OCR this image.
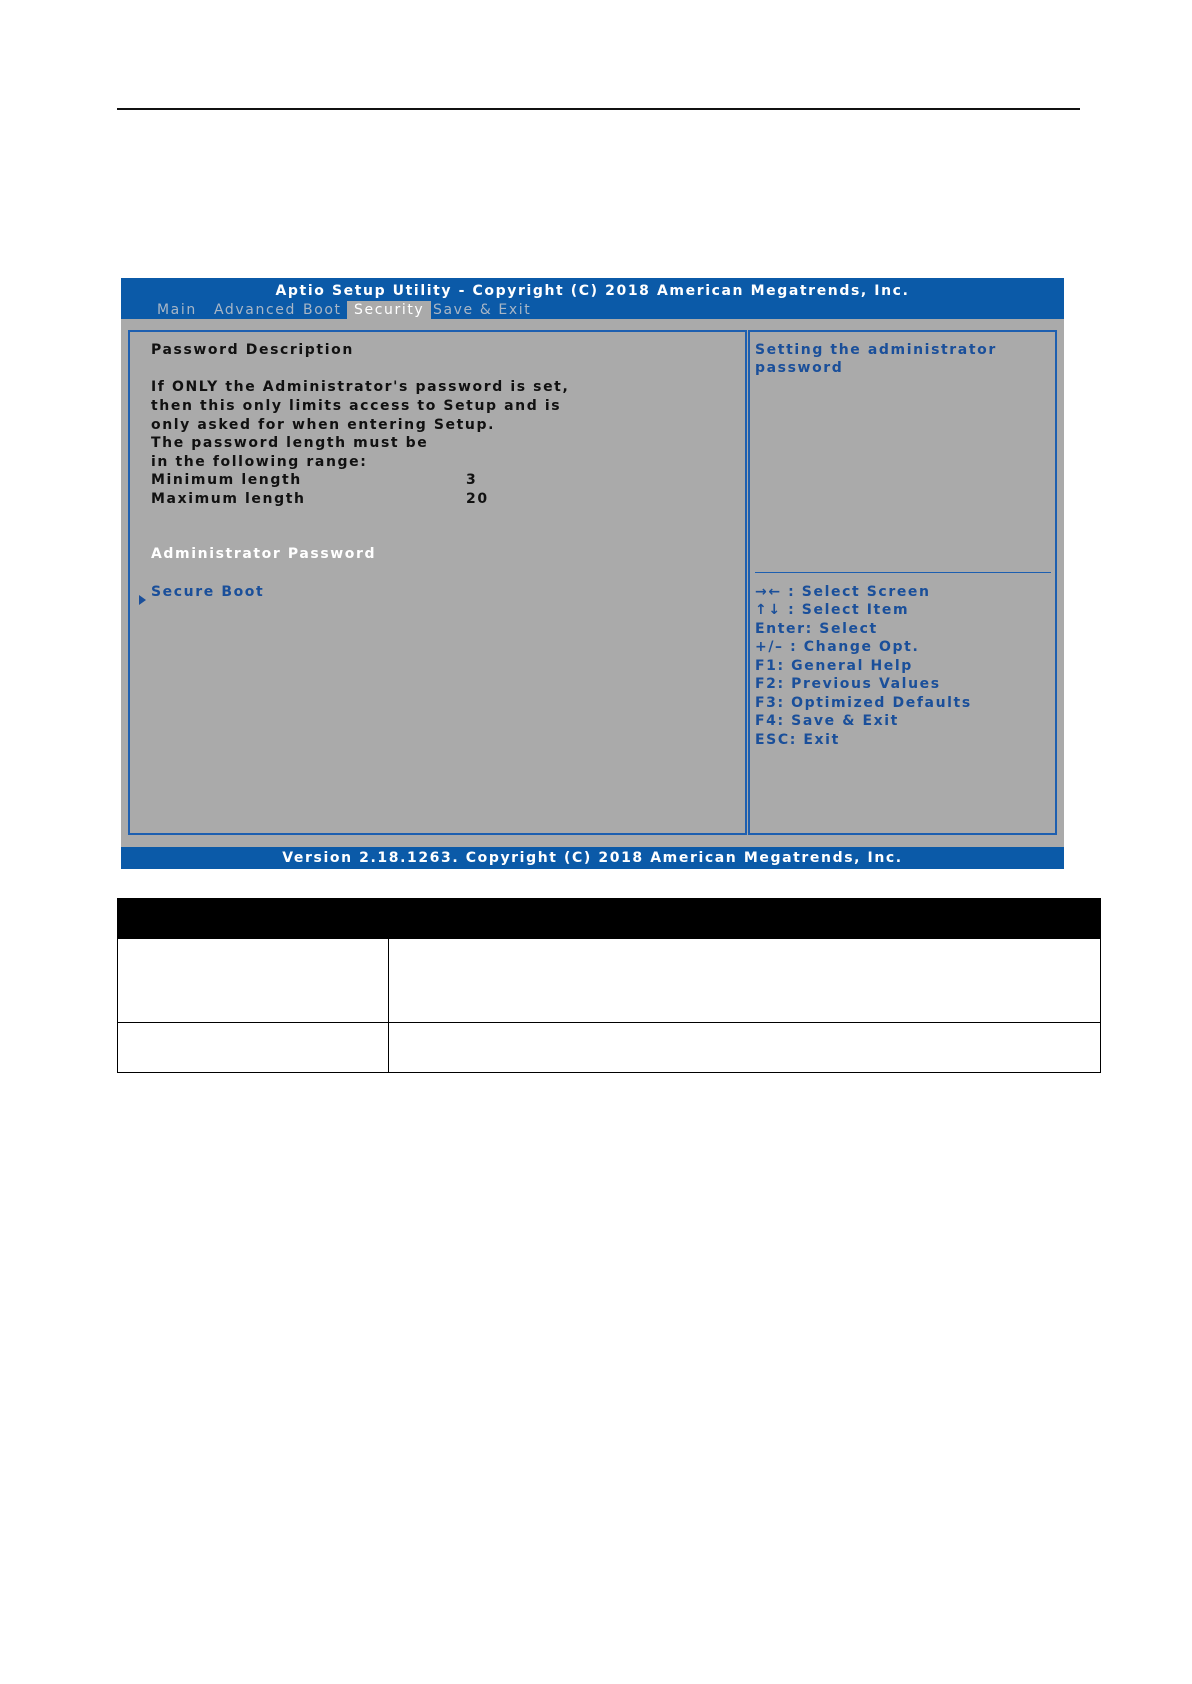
Aptio Setup Utility - Copyright (C) 2018 American Megatrends, Inc.
Main	Advanced Boot Security Save & Exit
Password Description
If ONLY the Administrator's password is set,
then this only limits access to Setup and is
only asked for when entering Setup.
The password length must be
in the following range:
Minimum length	3
Maximum length	20
Administrator Password
Secure Boot
Setting the administrator
password
→← : Select Screen
↑↓ : Select Item
Enter: Select
+/– : Change Opt.
F1: General Help
F2: Previous Values
F3: Optimized Defaults
F4: Save & Exit
ESC: Exit
Version 2.18.1263. Copyright (C) 2018 American Megatrends, Inc.
